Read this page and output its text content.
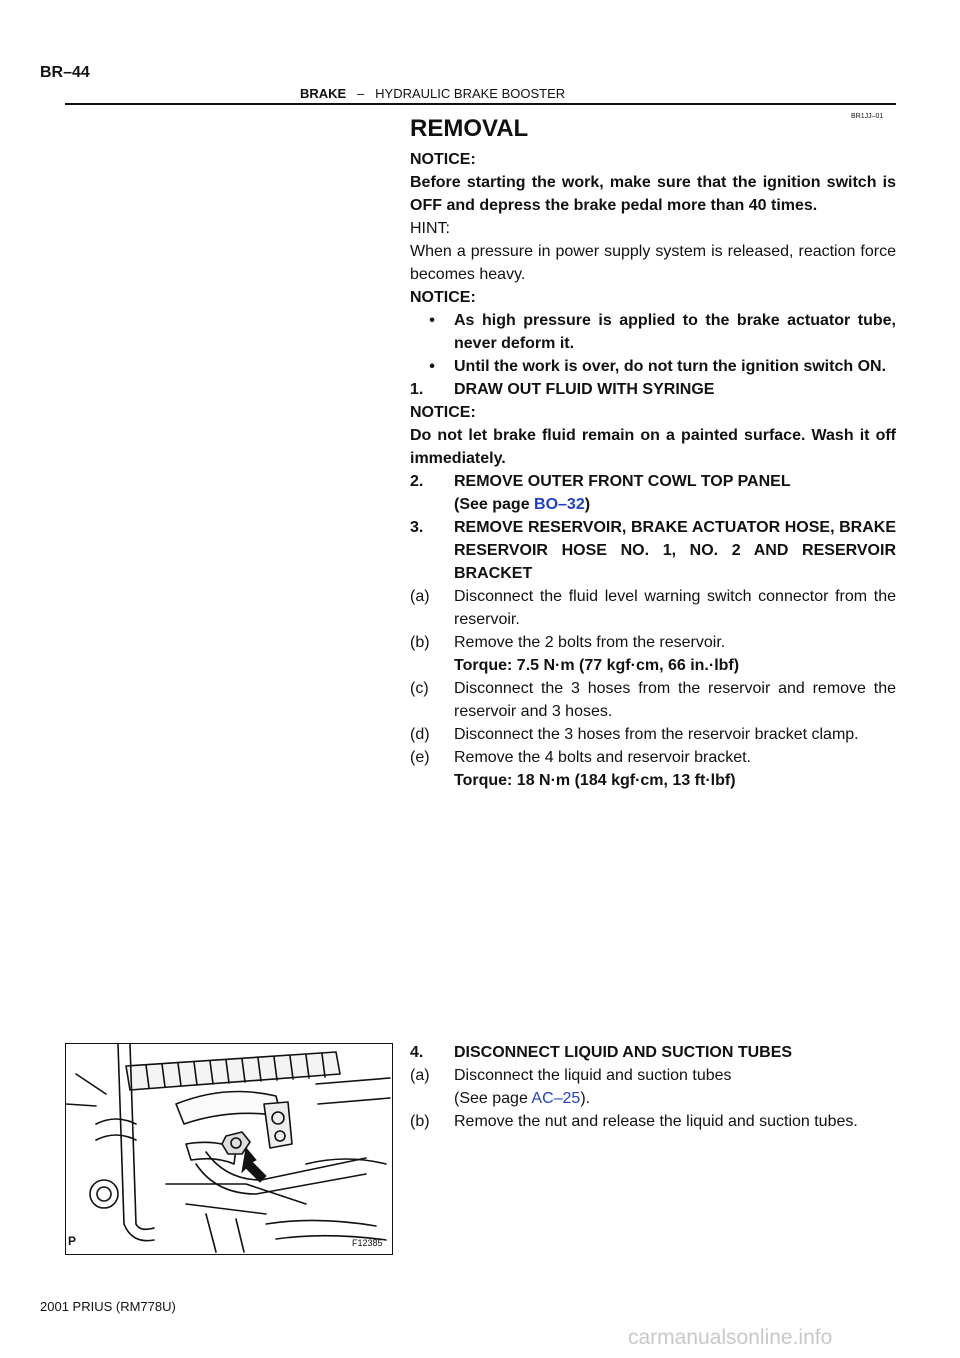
BR–44
BRAKE – HYDRAULIC BRAKE BOOSTER
BR1JJ–01

REMOVAL

NOTICE:

Before starting the work, make sure that the ignition switch is OFF and depress the brake pedal more than 40 times.

HINT:

When a pressure in power supply system is released, reaction force becomes heavy.

NOTICE:

•	As high pressure is applied to the brake actuator tube, never deform it.
•	Until the work is over, do not turn the ignition switch ON.
1.	DRAW OUT FLUID WITH SYRINGE

NOTICE:

Do not let brake fluid remain on a painted surface. Wash it off immediately.

2.	REMOVE OUTER FRONT COWL TOP PANEL
(See page BO–32)
3.	REMOVE RESERVOIR, BRAKE ACTUATOR HOSE, BRAKE RESERVOIR HOSE NO. 1, NO. 2 AND RESERVOIR BRACKET
(a)	Disconnect the fluid level warning switch connector from the reservoir.
(b)	Remove the 2 bolts from the reservoir.

Torque: 7.5 N·m (77 kgf·cm, 66 in.·lbf)

(c)	Disconnect the 3 hoses from the reservoir and remove the reservoir and 3 hoses.
(d)	Disconnect the 3 hoses from the reservoir bracket clamp.
(e)	Remove the 4 bolts and reservoir bracket.

Torque: 18 N·m (184 kgf·cm, 13 ft·lbf)

4.	DISCONNECT LIQUID AND SUCTION TUBES
(a)	Disconnect the liquid and suction tubes
(See page AC–25).
(b)	Remove the nut and release the liquid and suction tubes.
P	F12385
2001 PRIUS (RM778U)
carmanualsonline.info
